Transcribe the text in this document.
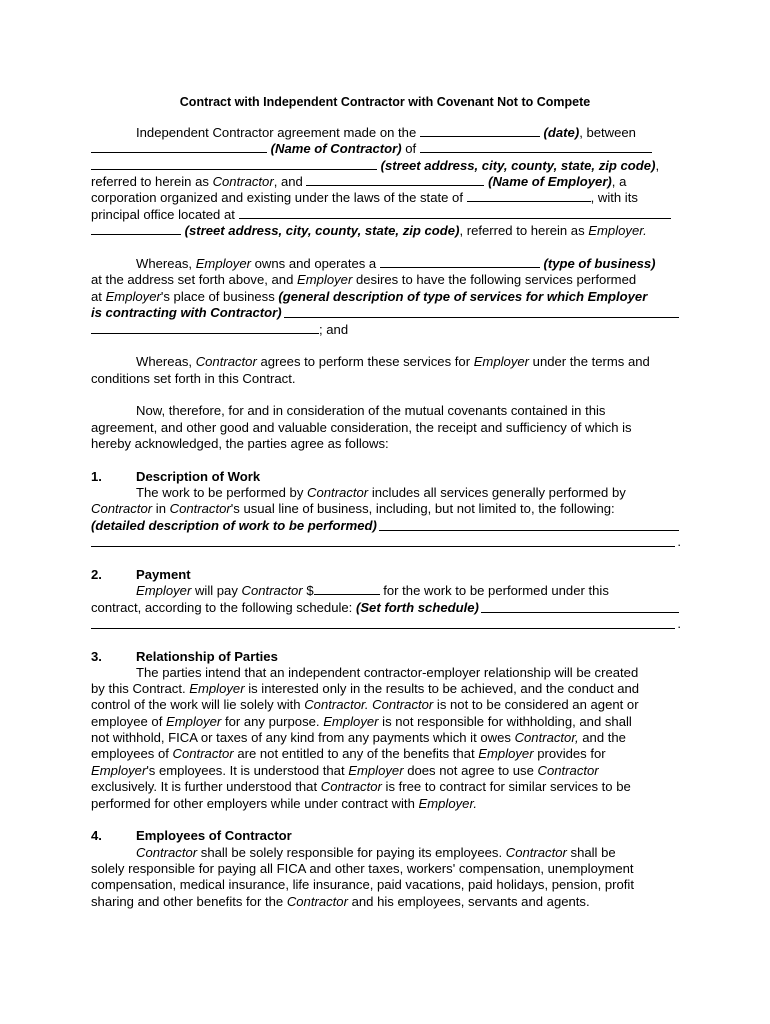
Contract with Independent Contractor with Covenant Not to Compete
Independent Contractor agreement made on the	(date), between
(Name of Contractor) of
(street address, city, county, state, zip code),
referred to herein as Contractor, and	(Name of Employer), a
corporation organized and existing under the laws of the state of	, with its
principal office located at
(street address, city, county, state, zip code), referred to herein as Employer.
Whereas, Employer owns and operates a	(type of business)
at the address set forth above, and Employer desires to have the following services performed
at Employer's place of business (general description of type of services for which Employer
is contracting with Contractor)
; and
Whereas, Contractor agrees to perform these services for Employer under the terms and
conditions set forth in this Contract.
Now, therefore, for and in consideration of the mutual covenants contained in this
agreement, and other good and valuable consideration, the receipt and sufficiency of which is
hereby acknowledged, the parties agree as follows:
1.	Description of Work
The work to be performed by Contractor includes all services generally performed by
Contractor in Contractor's usual line of business, including, but not limited to, the following:
(detailed description of work to be performed)
.
2.	Payment
Employer will pay Contractor $	for the work to be performed under this
contract, according to the following schedule: (Set forth schedule)
.
3.	Relationship of Parties
The parties intend that an independent contractor-employer relationship will be created
by this Contract. Employer is interested only in the results to be achieved, and the conduct and
control of the work will lie solely with Contractor. Contractor is not to be considered an agent or
employee of Employer for any purpose. Employer is not responsible for withholding, and shall
not withhold, FICA or taxes of any kind from any payments which it owes Contractor, and the
employees of Contractor are not entitled to any of the benefits that Employer provides for
Employer's employees. It is understood that Employer does not agree to use Contractor
exclusively. It is further understood that Contractor is free to contract for similar services to be
performed for other employers while under contract with Employer.
4.	Employees of Contractor
Contractor shall be solely responsible for paying its employees. Contractor shall be
solely responsible for paying all FICA and other taxes, workers' compensation, unemployment
compensation, medical insurance, life insurance, paid vacations, paid holidays, pension, profit
sharing and other benefits for the Contractor and his employees, servants and agents.
